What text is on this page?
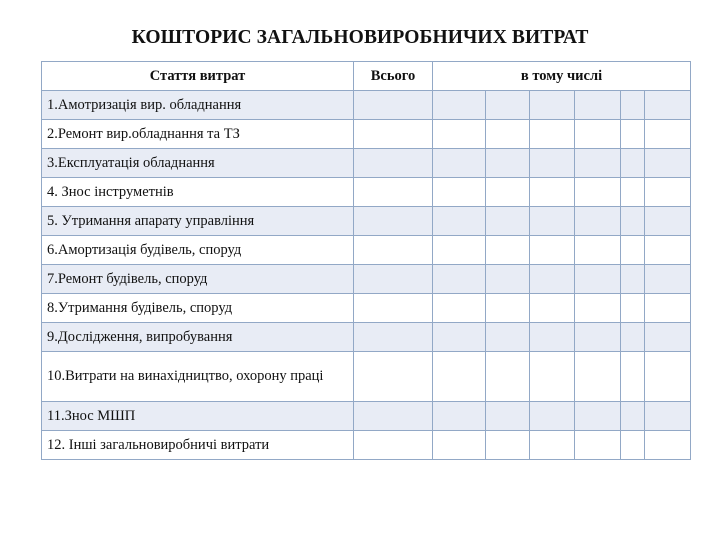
КОШТОРИС ЗАГАЛЬНОВИРОБНИЧИХ ВИТРАТ
Стаття витрат	Всього	в тому числі					
1.Амотризація вир. обладнання							
2.Ремонт вир.обладнання та ТЗ							
3.Експлуатація обладнання							
4. Знос інструметнів							
5. Утримання апарату управління							
6.Амортизація будівель, споруд							
7.Ремонт будівель, споруд							
8.Утримання будівель, споруд							
9.Дослідження, випробування							
10.Витрати на винахідництво, охорону праці							
11.Знос МШП							
12. Інші загальновиробничі витрати							
